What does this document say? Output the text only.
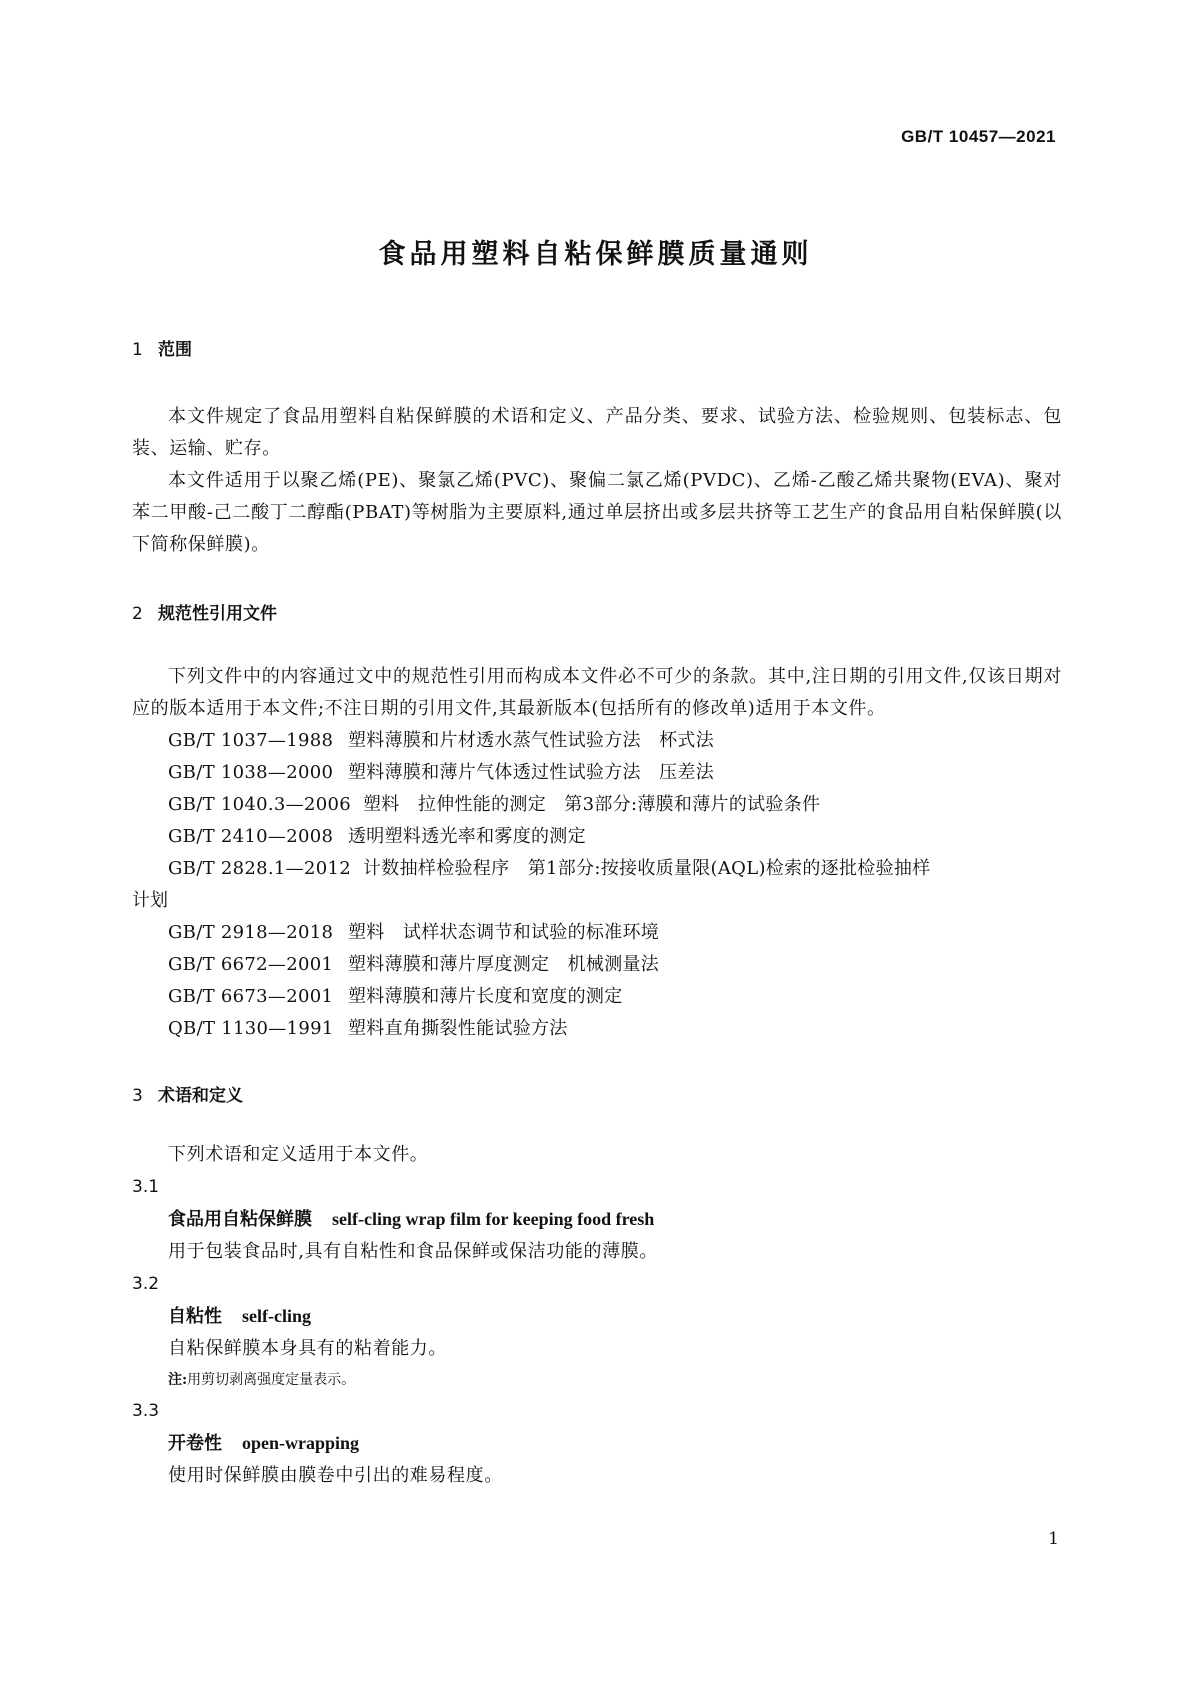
GB/T 10457—2021
食品用塑料自粘保鲜膜质量通则
1 范围

本文件规定了食品用塑料自粘保鲜膜的术语和定义、产品分类、要求、试验方法、检验规则、包装标志、包装、运输、贮存。

本文件适用于以聚乙烯(PE)、聚氯乙烯(PVC)、聚偏二氯乙烯(PVDC)、乙烯-乙酸乙烯共聚物(EVA)、聚对苯二甲酸-己二酸丁二醇酯(PBAT)等树脂为主要原料,通过单层挤出或多层共挤等工艺生产的食品用自粘保鲜膜(以下简称保鲜膜)。

2 规范性引用文件

下列文件中的内容通过文中的规范性引用而构成本文件必不可少的条款。其中,注日期的引用文件,仅该日期对应的版本适用于本文件;不注日期的引用文件,其最新版本(包括所有的修改单)适用于本文件。

GB/T 1037—1988 塑料薄膜和片材透水蒸气性试验方法　杯式法
GB/T 1038—2000 塑料薄膜和薄片气体透过性试验方法　压差法
GB/T 1040.3—2006 塑料　拉伸性能的测定　第3部分:薄膜和薄片的试验条件
GB/T 2410—2008 透明塑料透光率和雾度的测定
GB/T 2828.1—2012 计数抽样检验程序　第1部分:按接收质量限(AQL)检索的逐批检验抽样
计划
GB/T 2918—2018 塑料　试样状态调节和试验的标准环境
GB/T 6672—2001 塑料薄膜和薄片厚度测定　机械测量法
GB/T 6673—2001 塑料薄膜和薄片长度和宽度的测定
QB/T 1130—1991 塑料直角撕裂性能试验方法
3 术语和定义

下列术语和定义适用于本文件。

3.1
食品用自粘保鲜膜 self-cling wrap film for keeping food fresh

用于包装食品时,具有自粘性和食品保鲜或保洁功能的薄膜。

3.2
自粘性 self-cling

自粘保鲜膜本身具有的粘着能力。

注:用剪切剥离强度定量表示。
3.3
开卷性 open-wrapping

使用时保鲜膜由膜卷中引出的难易程度。

1
